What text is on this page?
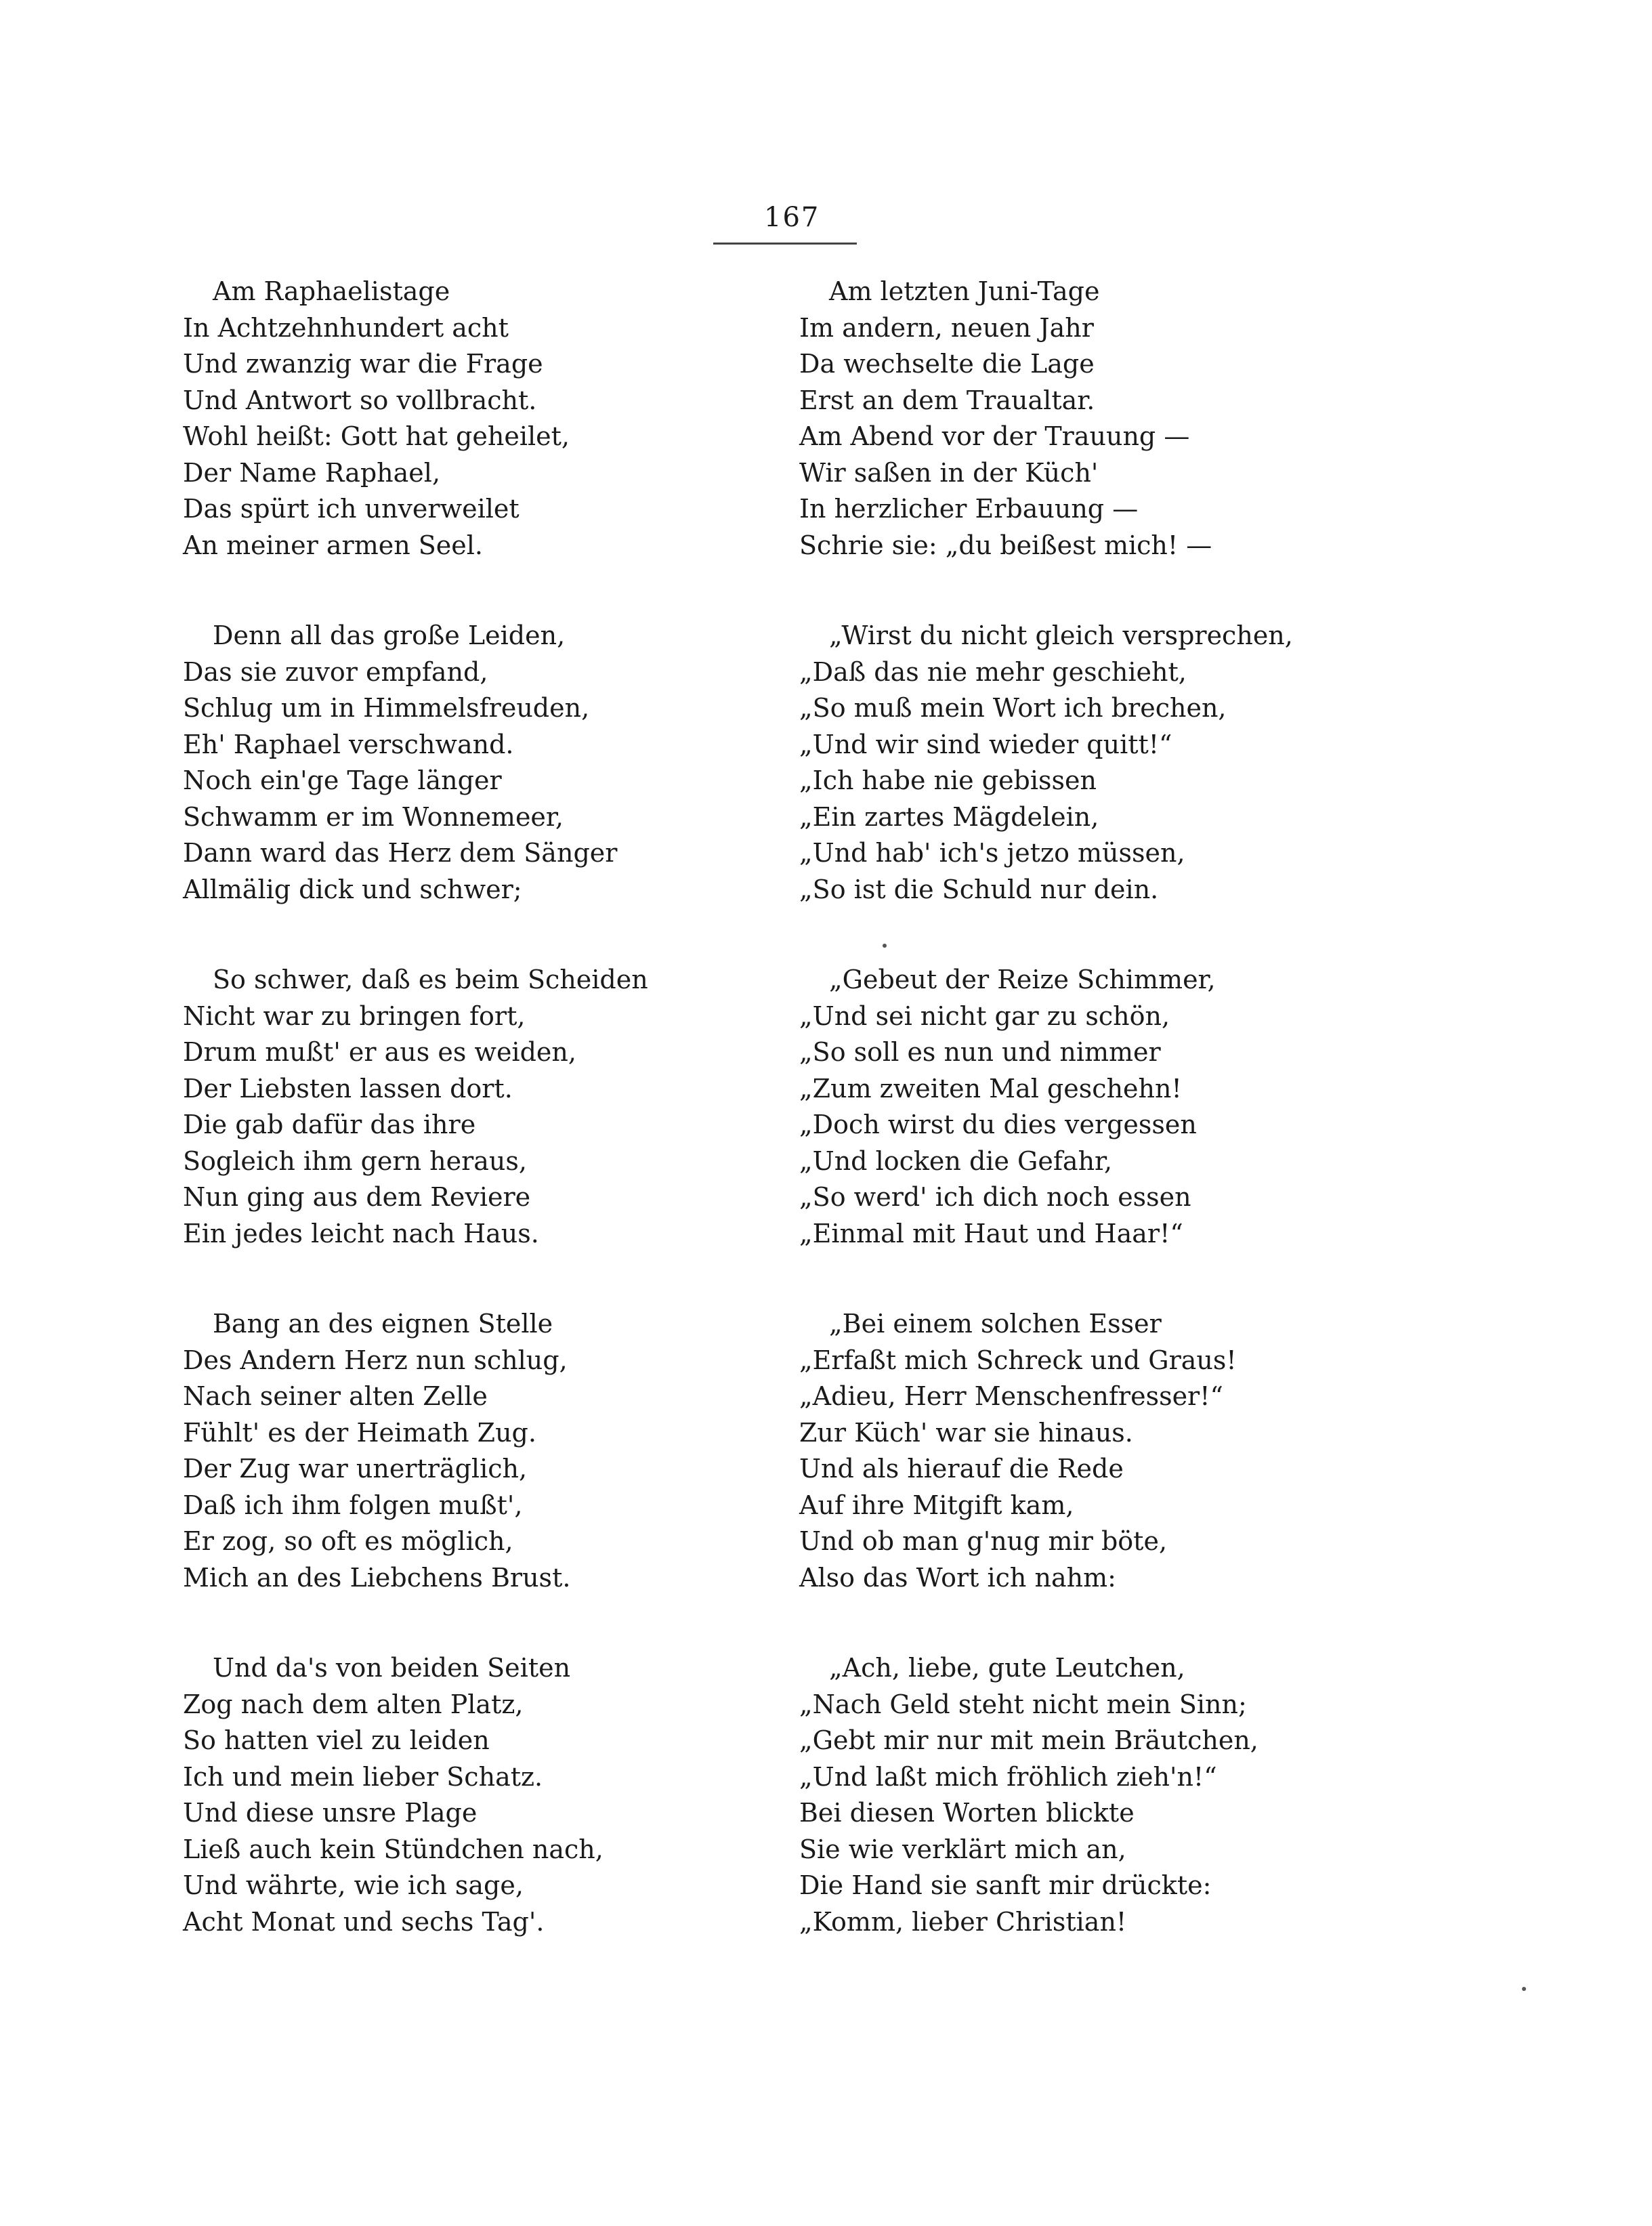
167
Am Raphaelistage
In Achtzehnhundert acht
Und zwanzig war die Frage
Und Antwort so vollbracht.
Wohl heißt: Gott hat geheilet,
Der Name Raphael,
Das spürt ich unverweilet
An meiner armen Seel.
Denn all das große Leiden,
Das sie zuvor empfand,
Schlug um in Himmelsfreuden,
Eh' Raphael verschwand.
Noch ein'ge Tage länger
Schwamm er im Wonnemeer,
Dann ward das Herz dem Sänger
Allmälig dick und schwer;
So schwer, daß es beim Scheiden
Nicht war zu bringen fort,
Drum mußt' er aus es weiden,
Der Liebsten lassen dort.
Die gab dafür das ihre
Sogleich ihm gern heraus,
Nun ging aus dem Reviere
Ein jedes leicht nach Haus.
Bang an des eignen Stelle
Des Andern Herz nun schlug,
Nach seiner alten Zelle
Fühlt' es der Heimath Zug.
Der Zug war unerträglich,
Daß ich ihm folgen mußt',
Er zog, so oft es möglich,
Mich an des Liebchens Brust.
Und da's von beiden Seiten
Zog nach dem alten Platz,
So hatten viel zu leiden
Ich und mein lieber Schatz.
Und diese unsre Plage
Ließ auch kein Stündchen nach,
Und währte, wie ich sage,
Acht Monat und sechs Tag'.
Am letzten Juni-Tage
Im andern, neuen Jahr
Da wechselte die Lage
Erst an dem Traualtar.
Am Abend vor der Trauung —
Wir saßen in der Küch'
In herzlicher Erbauung —
Schrie sie: „du beißest mich! —
„Wirst du nicht gleich versprechen,
„Daß das nie mehr geschieht,
„So muß mein Wort ich brechen,
„Und wir sind wieder quitt!“
„Ich habe nie gebissen
„Ein zartes Mägdelein,
„Und hab' ich's jetzo müssen,
„So ist die Schuld nur dein.
„Gebeut der Reize Schimmer,
„Und sei nicht gar zu schön,
„So soll es nun und nimmer
„Zum zweiten Mal geschehn!
„Doch wirst du dies vergessen
„Und locken die Gefahr,
„So werd' ich dich noch essen
„Einmal mit Haut und Haar!“
„Bei einem solchen Esser
„Erfaßt mich Schreck und Graus!
„Adieu, Herr Menschenfresser!“
Zur Küch' war sie hinaus.
Und als hierauf die Rede
Auf ihre Mitgift kam,
Und ob man g'nug mir böte,
Also das Wort ich nahm:
„Ach, liebe, gute Leutchen,
„Nach Geld steht nicht mein Sinn;
„Gebt mir nur mit mein Bräutchen,
„Und laßt mich fröhlich zieh'n!“
Bei diesen Worten blickte
Sie wie verklärt mich an,
Die Hand sie sanft mir drückte:
„Komm, lieber Christian!
